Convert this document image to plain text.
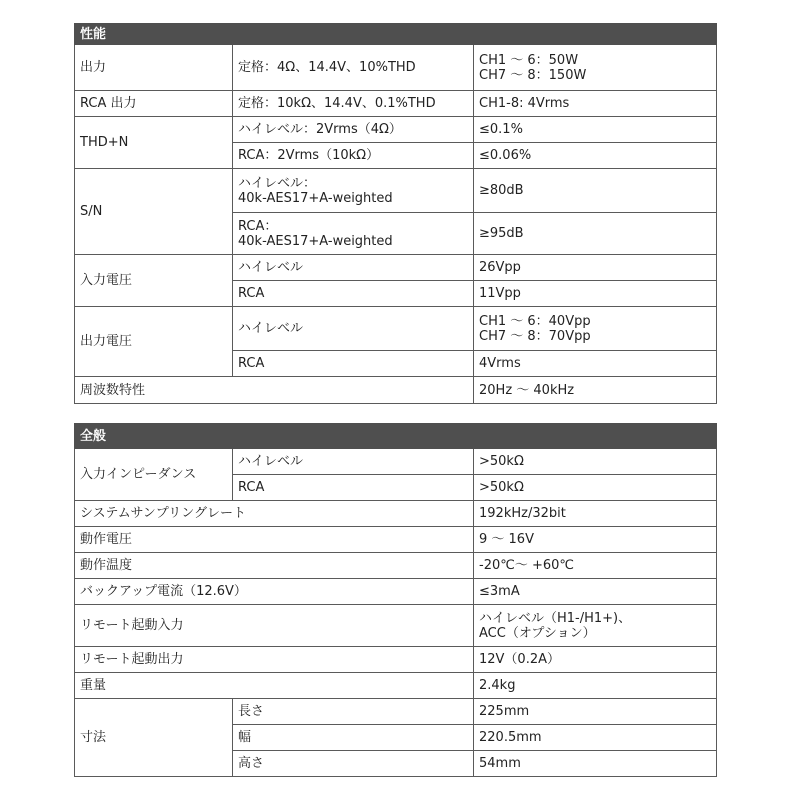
性能		
出力	定格：4Ω、14.4V、10%THD	CH1 ～ 6：50W
CH7 ～ 8：150W
RCA 出力	定格：10kΩ、14.4V、0.1%THD	CH1-8: 4Vrms
THD+N	ハイレベル：2Vrms（4Ω）	≤0.1%
	RCA：2Vrms（10kΩ）	≤0.06%
S/N	ハイレベル：
40k-AES17+A-weighted	≥80dB
	RCA：
40k-AES17+A-weighted	≥95dB
入力電圧	ハイレベル	26Vpp
	RCA	11Vpp
出力電圧	ハイレベル	CH1 ～ 6：40Vpp
CH7 ～ 8：70Vpp
	RCA	4Vrms
周波数特性		20Hz ～ 40kHz
全般		
入力インピーダンス	ハイレベル	>50kΩ
	RCA	>50kΩ
システムサンプリングレート		192kHz/32bit
動作電圧		9 ～ 16V
動作温度		-20℃～ +60℃
バックアップ電流（12.6V）		≤3mA
リモート起動入力		ハイレベル（H1-/H1+)、
ACC（オプション）
リモート起動出力		12V（0.2A）
重量		2.4kg
寸法	長さ	225mm
	幅	220.5mm
	高さ	54mm
